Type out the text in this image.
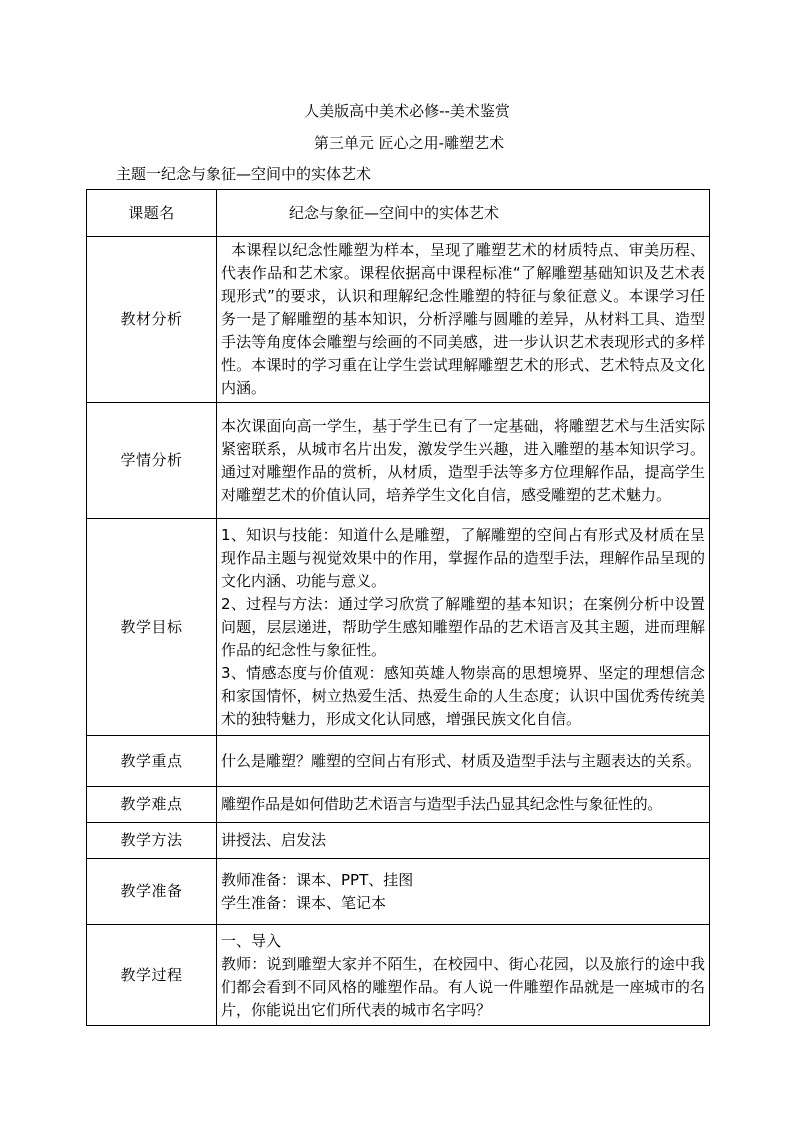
人美版高中美术必修--美术鉴赏
第三单元 匠心之用-雕塑艺术
主题一纪念与象征—空间中的实体艺术
课题名	纪念与象征—空间中的实体艺术

教材分析	本课程以纪念性雕塑为样本，呈现了雕塑艺术的材质特点、审美历程、代表作品和艺术家。课程依据高中课程标准“了解雕塑基础知识及艺术表现形式”的要求，认识和理解纪念性雕塑的特征与象征意义。本课学习任务一是了解雕塑的基本知识，分析浮雕与圆雕的差异，从材料工具、造型手法等角度体会雕塑与绘画的不同美感，进一步认识艺术表现形式的多样性。本课时的学习重在让学生尝试理解雕塑艺术的形式、艺术特点及文化内涵。

学情分析	本次课面向高一学生，基于学生已有了一定基础，将雕塑艺术与生活实际紧密联系，从城市名片出发，激发学生兴趣，进入雕塑的基本知识学习。通过对雕塑作品的赏析，从材质，造型手法等多方位理解作品，提高学生对雕塑艺术的价值认同，培养学生文化自信，感受雕塑的艺术魅力。

教学目标	1、知识与技能：知道什么是雕塑，了解雕塑的空间占有形式及材质在呈现作品主题与视觉效果中的作用，掌握作品的造型手法，理解作品呈现的文化内涵、功能与意义。

2、过程与方法：通过学习欣赏了解雕塑的基本知识；在案例分析中设置问题，层层递进，帮助学生感知雕塑作品的艺术语言及其主题，进而理解作品的纪念性与象征性。

3、情感态度与价值观：感知英雄人物崇高的思想境界、坚定的理想信念和家国情怀，树立热爱生活、热爱生命的人生态度；认识中国优秀传统美术的独特魅力，形成文化认同感，增强民族文化自信。

教学重点	什么是雕塑？雕塑的空间占有形式、材质及造型手法与主题表达的关系。

教学难点	雕塑作品是如何借助艺术语言与造型手法凸显其纪念性与象征性的。

教学方法	讲授法、启发法

教学准备	教师准备：课本、PPT、挂图

学生准备：课本、笔记本

教学过程	一、导入

教师：说到雕塑大家并不陌生，在校园中、街心花园，以及旅行的途中我们都会看到不同风格的雕塑作品。有人说一件雕塑作品就是一座城市的名片，你能说出它们所代表的城市名字吗？
